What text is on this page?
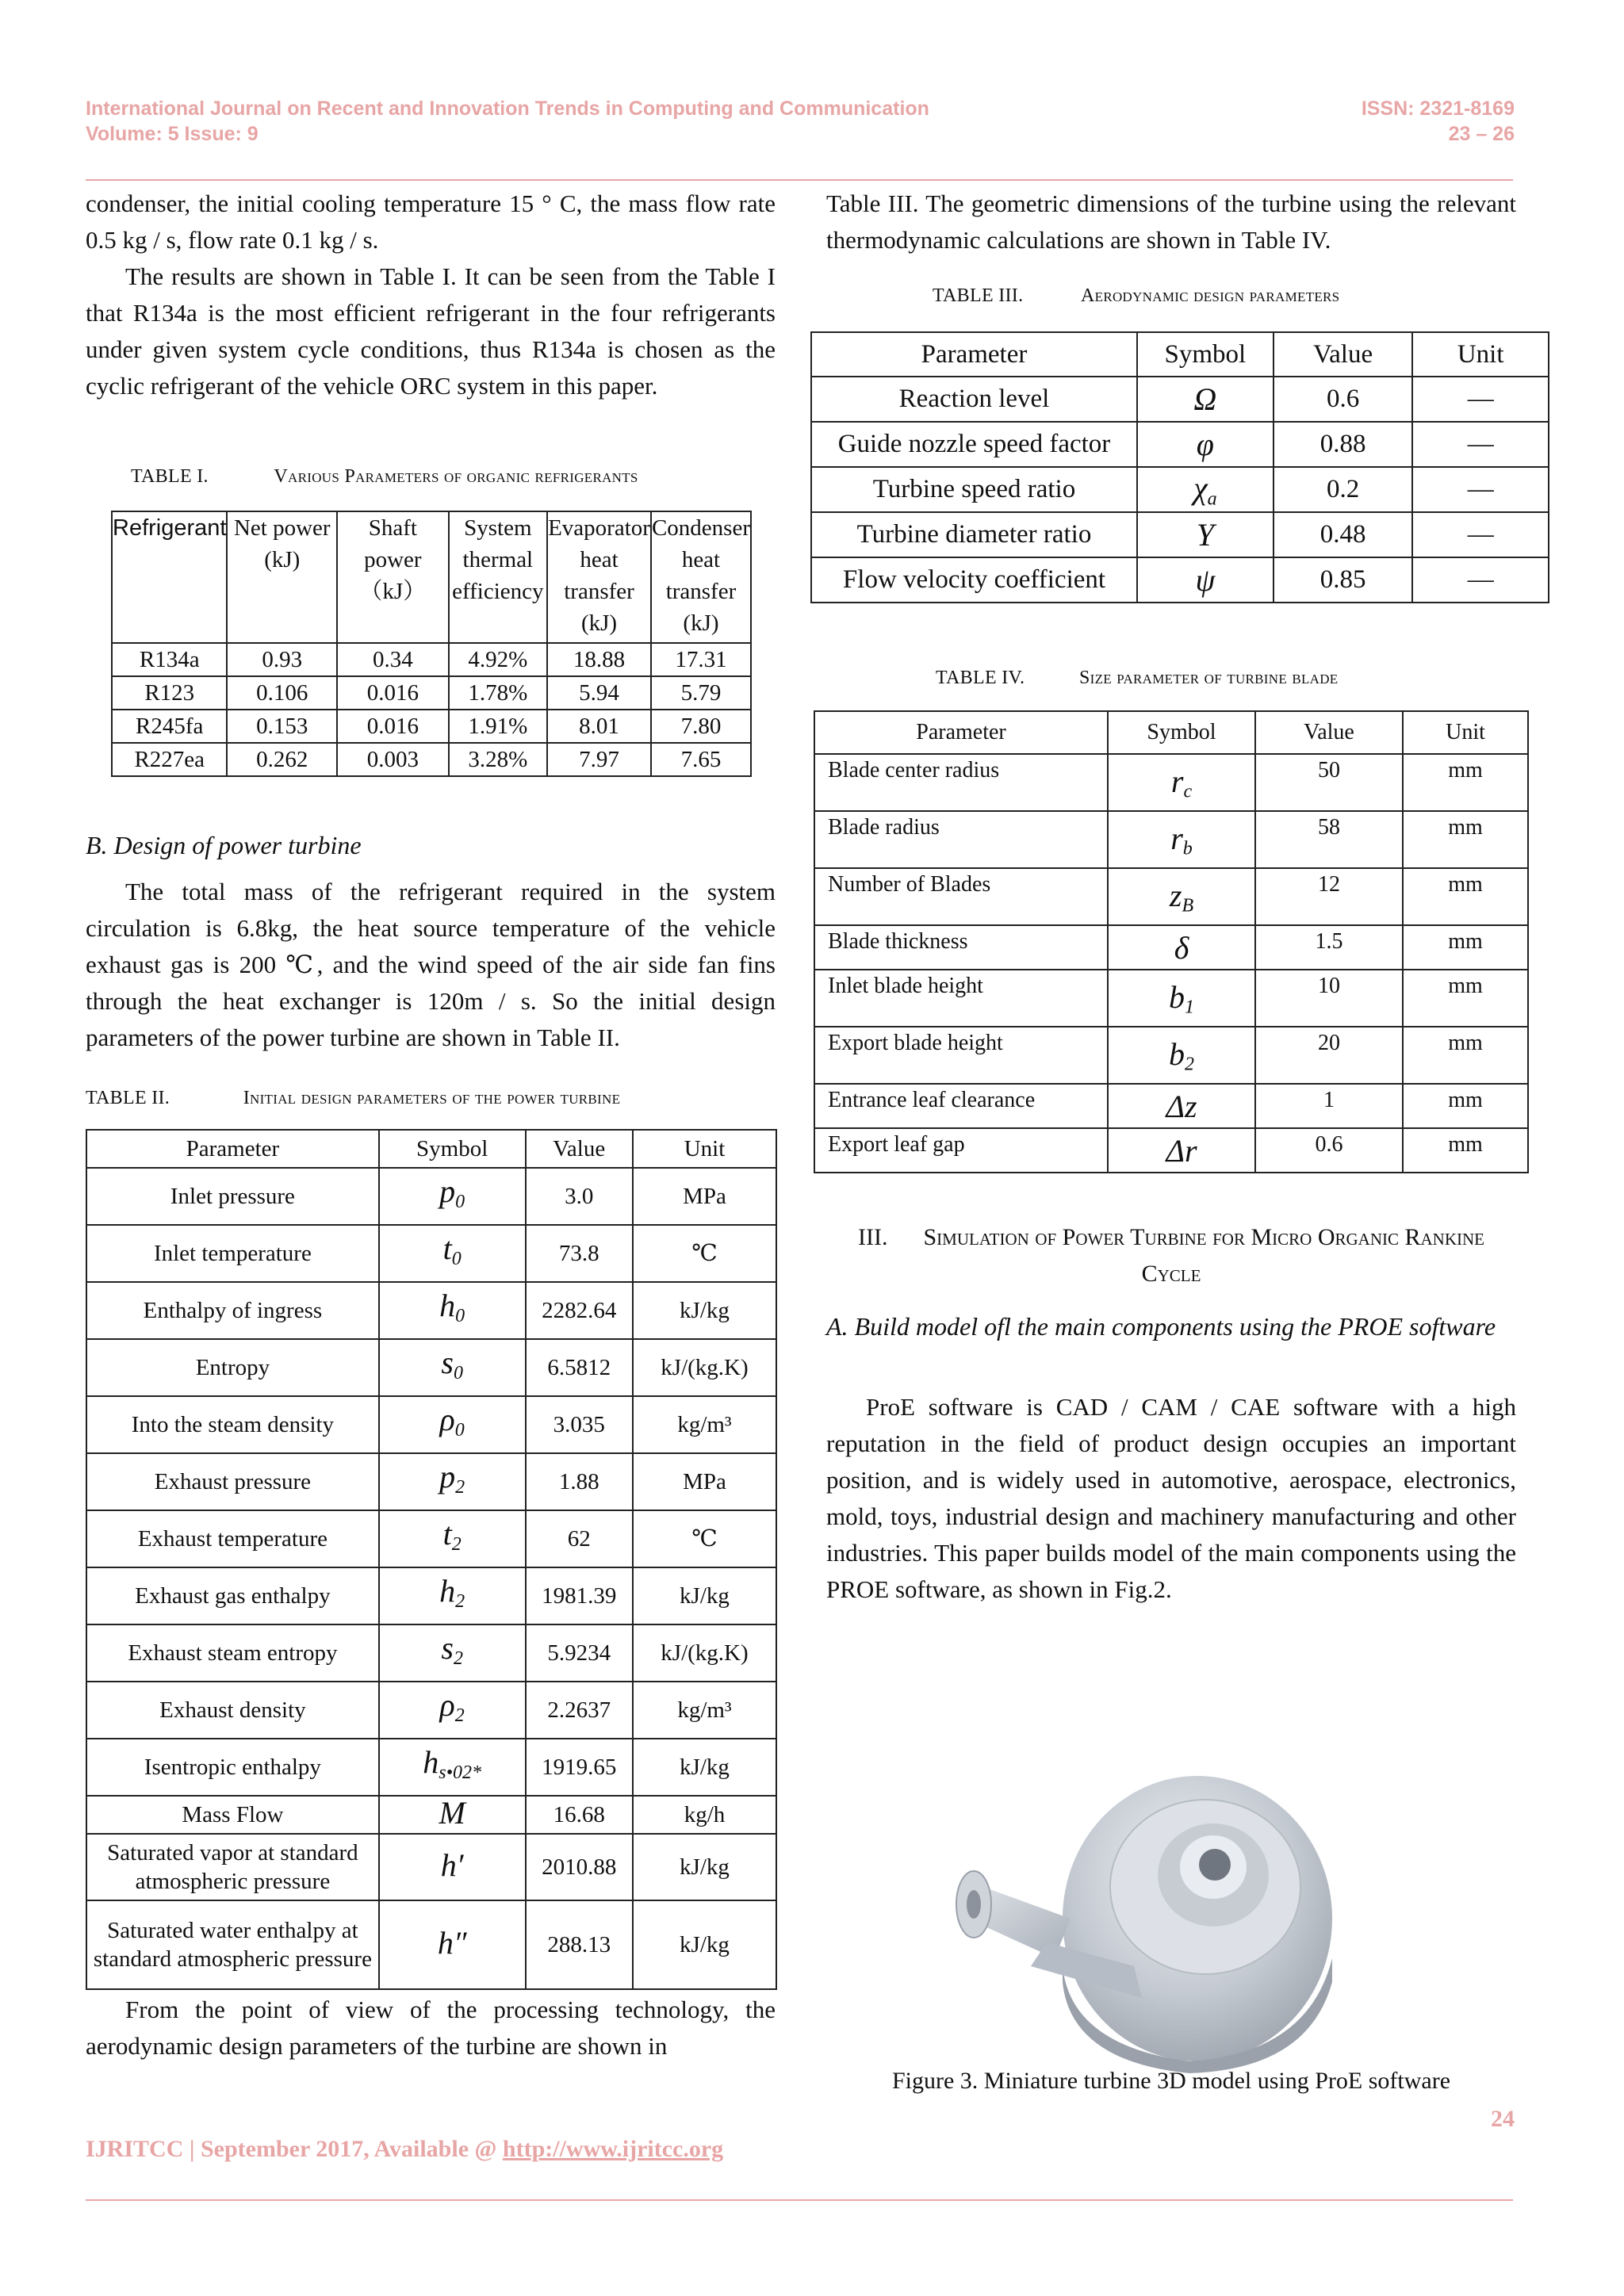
International Journal on Recent and Innovation Trends in Computing and Communication
Volume: 5 Issue: 9
ISSN: 2321-8169
23 – 26

condenser, the initial cooling temperature 15 ° C, the mass flow rate 0.5 kg / s, flow rate 0.1 kg / s.

The results are shown in Table I. It can be seen from the Table I that R134a is the most efficient refrigerant in the four refrigerants under given system cycle conditions, thus R134a is chosen as the cyclic refrigerant of the vehicle ORC system in this paper.

TABLE I.	Various Parameters of organic refrigerants
Refrigerant	Net power (kJ)	Shaft power（kJ）	System thermal efficiency	Evaporator heat transfer (kJ)	Condenser heat transfer (kJ)
R134a	0.93	0.34	4.92%	18.88	17.31
R123	0.106	0.016	1.78%	5.94	5.79
R245fa	0.153	0.016	1.91%	8.01	7.80
R227ea	0.262	0.003	3.28%	7.97	7.65
B. Design of power turbine

The total mass of the refrigerant required in the system circulation is 6.8kg, the heat source temperature of the vehicle exhaust gas is 200 ℃, and the wind speed of the air side fan fins through the heat exchanger is 120m / s. So the initial design parameters of the power turbine are shown in Table II.

TABLE II.	Initial design parameters of the power turbine
Parameter	Symbol	Value	Unit
Inlet pressure	$p_0$	3.0	MPa
Inlet temperature	$t_0$	73.8	℃
Enthalpy of ingress	$h_0$	2282.64	kJ/kg
Entropy	$s_0$	6.5812	kJ/(kg.K)
Into the steam density	$\rho_0$	3.035	kg/m³
Exhaust pressure	$p_2$	1.88	MPa
Exhaust temperature	$t_2$	62	℃
Exhaust gas enthalpy	$h_2$	1981.39	kJ/kg
Exhaust steam entropy	$s_2$	5.9234	kJ/(kg.K)
Exhaust density	$\rho_2$	2.2637	kg/m³
Isentropic enthalpy	$h_{s•02*}$	1919.65	kJ/kg
Mass Flow	M	16.68	kg/h
Saturated vapor at standard atmospheric pressure	h′	2010.88	kJ/kg
Saturated water enthalpy at standard atmospheric pressure	h″	288.13	kJ/kg

From the point of view of the processing technology, the aerodynamic design parameters of the turbine are shown in

Table III. The geometric dimensions of the turbine using the relevant thermodynamic calculations are shown in Table IV.

TABLE III.	Aerodynamic design parameters
Parameter	Symbol	Value	Unit
Reaction level	Ω	0.6	—
Guide nozzle speed factor	φ	0.88	—
Turbine speed ratio	$\chi_a$	0.2	—
Turbine diameter ratio	Y	0.48	—
Flow velocity coefficient	ψ	0.85	—
TABLE IV.	Size parameter of turbine blade
Parameter	Symbol	Value	Unit
Blade center radius	$r_c$	50	mm
Blade radius	$r_b$	58	mm
Number of Blades	$z_B$	12	mm
Blade thickness	δ	1.5	mm
Inlet blade height	$b_1$	10	mm
Export blade height	$b_2$	20	mm
Entrance leaf clearance	Δz	1	mm
Export leaf gap	Δr	0.6	mm
III. Simulation of Power Turbine for Micro Organic Rankine Cycle
A. Build model ofl the main components using the PROE software

ProE software is CAD / CAM / CAE software with a high reputation in the field of product design occupies an important position, and is widely used in automotive, aerospace, electronics, mold, toys, industrial design and machinery manufacturing and other industries. This paper builds model of the main components using the PROE software, as shown in Fig.2.

Figure 3. Miniature turbine 3D model using ProE software
24
IJRITCC | September 2017, Available @ http://www.ijritcc.org
